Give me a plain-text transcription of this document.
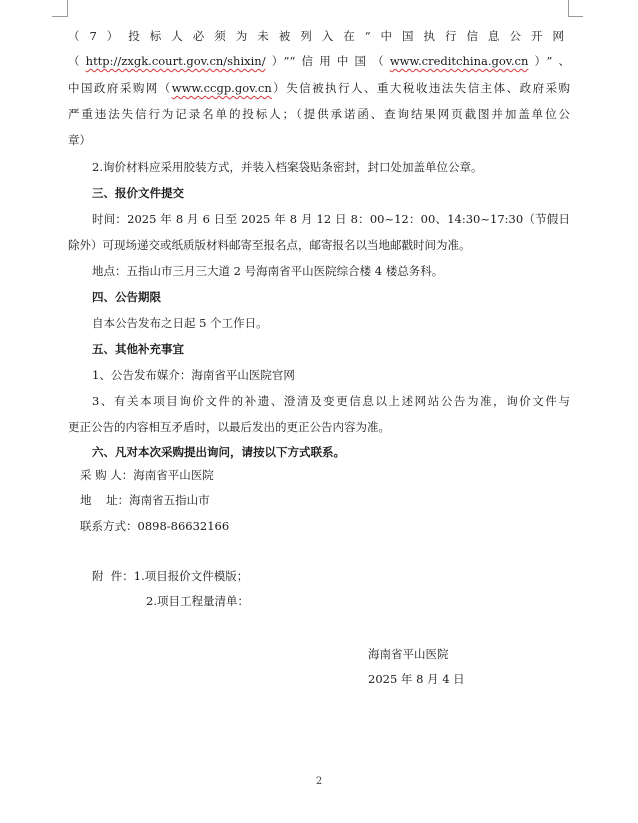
（7）投标人必须为未被列入在“中国执行信息公开网
（http://zxgk.court.gov.cn/shixin/）”“信用中国（www.creditchina.gov.cn）”、
中国政府采购网（www.ccgp.gov.cn）失信被执行人、重大税收违法失信主体、政府采购
严重违法失信行为记录名单的投标人；（提供承诺函、查询结果网页截图并加盖单位公
章）
2.询价材料应采用胶装方式，并装入档案袋贴条密封，封口处加盖单位公章。
三、报价文件提交
时间：2025 年 8 月 6 日至 2025 年 8 月 12 日 8：00~12：00、14:30~17:30（节假日
除外）可现场递交或纸质版材料邮寄至报名点，邮寄报名以当地邮戳时间为准。
地点：五指山市三月三大道 2 号海南省平山医院综合楼 4 楼总务科。
四、公告期限
自本公告发布之日起 5 个工作日。
五、其他补充事宜
1、公告发布媒介：海南省平山医院官网
3、有关本项目询价文件的补遗、澄清及变更信息以上述网站公告为准，询价文件与
更正公告的内容相互矛盾时，以最后发出的更正公告内容为准。
六、凡对本次采购提出询问，请按以下方式联系。
采 购 人：海南省平山医院
地    址：海南省五指山市
联系方式：0898-86632166
附  件：1.项目报价文件模版；
2.项目工程量清单：
海南省平山医院
2025 年 8 月 4 日
2
